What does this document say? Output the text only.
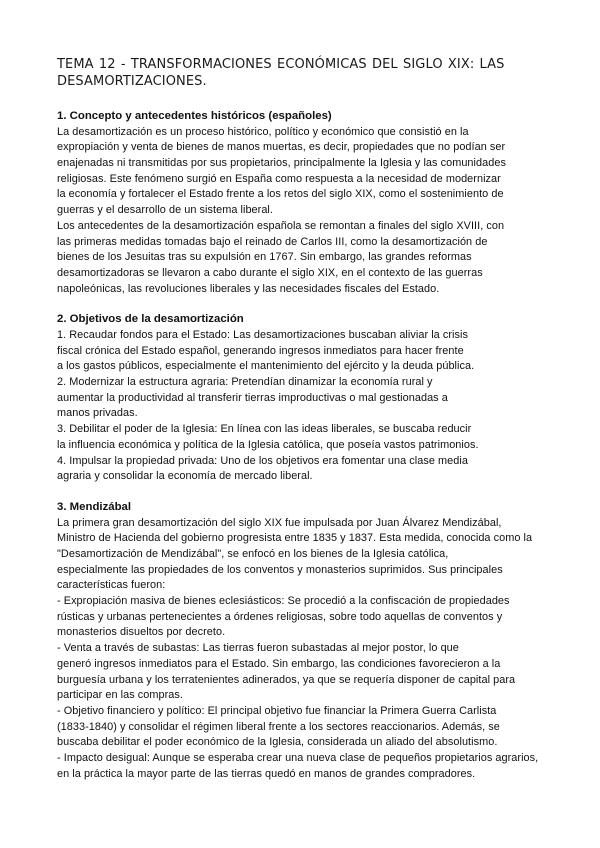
TEMA 12 - TRANSFORMACIONES ECONÓMICAS DEL SIGLO XIX: LAS
DESAMORTIZACIONES.
1. Concepto y antecedentes históricos (españoles)
La desamortización es un proceso histórico, político y económico que consistió en la
expropiación y venta de bienes de manos muertas, es decir, propiedades que no podían ser
enajenadas ni transmitidas por sus propietarios, principalmente la Iglesia y las comunidades
religiosas. Este fenómeno surgió en España como respuesta a la necesidad de modernizar
la economía y fortalecer el Estado frente a los retos del siglo XIX, como el sostenimiento de
guerras y el desarrollo de un sistema liberal.
Los antecedentes de la desamortización española se remontan a finales del siglo XVIII, con
las primeras medidas tomadas bajo el reinado de Carlos III, como la desamortización de
bienes de los Jesuitas tras su expulsión en 1767. Sin embargo, las grandes reformas
desamortizadoras se llevaron a cabo durante el siglo XIX, en el contexto de las guerras
napoleónicas, las revoluciones liberales y las necesidades fiscales del Estado.
2. Objetivos de la desamortización
1. Recaudar fondos para el Estado: Las desamortizaciones buscaban aliviar la crisis
fiscal crónica del Estado español, generando ingresos inmediatos para hacer frente
a los gastos públicos, especialmente el mantenimiento del ejército y la deuda pública.
2. Modernizar la estructura agraria: Pretendían dinamizar la economía rural y
aumentar la productividad al transferir tierras improductivas o mal gestionadas a
manos privadas.
3. Debilitar el poder de la Iglesia: En línea con las ideas liberales, se buscaba reducir
la influencia económica y política de la Iglesia católica, que poseía vastos patrimonios.
4. Impulsar la propiedad privada: Uno de los objetivos era fomentar una clase media
agraria y consolidar la economía de mercado liberal.
3. Mendizábal
La primera gran desamortización del siglo XIX fue impulsada por Juan Álvarez Mendizábal,
Ministro de Hacienda del gobierno progresista entre 1835 y 1837. Esta medida, conocida como la
"Desamortización de Mendizábal", se enfocó en los bienes de la Iglesia católica,
especialmente las propiedades de los conventos y monasterios suprimidos. Sus principales
características fueron:
- Expropiación masiva de bienes eclesiásticos: Se procedió a la confiscación de propiedades
rústicas y urbanas pertenecientes a órdenes religiosas, sobre todo aquellas de conventos y
monasterios disueltos por decreto.
- Venta a través de subastas: Las tierras fueron subastadas al mejor postor, lo que
generó ingresos inmediatos para el Estado. Sin embargo, las condiciones favorecieron a la
burguesía urbana y los terratenientes adinerados, ya que se requería disponer de capital para
participar en las compras.
- Objetivo financiero y político: El principal objetivo fue financiar la Primera Guerra Carlista
(1833-1840) y consolidar el régimen liberal frente a los sectores reaccionarios. Además, se
buscaba debilitar el poder económico de la Iglesia, considerada un aliado del absolutismo.
- Impacto desigual: Aunque se esperaba crear una nueva clase de pequeños propietarios agrarios,
en la práctica la mayor parte de las tierras quedó en manos de grandes compradores.
